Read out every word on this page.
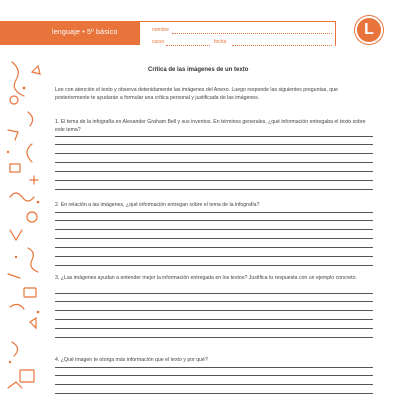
lenguaje • 5º básico	nombre
curso	fecha
L
Crítica de las imágenes de un texto
Lee con atención el texto y observa detenidamente las imágenes del Anexo. Luego responde las siguientes preguntas, que posteriormente te ayudarán a formular una crítica personal y justificada de las imágenes.
1. El tema de la infografía en Alexander Graham Bell y sus inventos. En términos generales, ¿qué información entregaba el texto sobre este tema?
2. En relación a las imágenes, ¿qué información entregan sobre el tema de la infografía?
3. ¿Las imágenes ayudan a entender mejor la información entregada en los textos? Justifica tu respuesta con un ejemplo concreto.
4. ¿Qué imagen te otorga más información que el texto y por qué?
